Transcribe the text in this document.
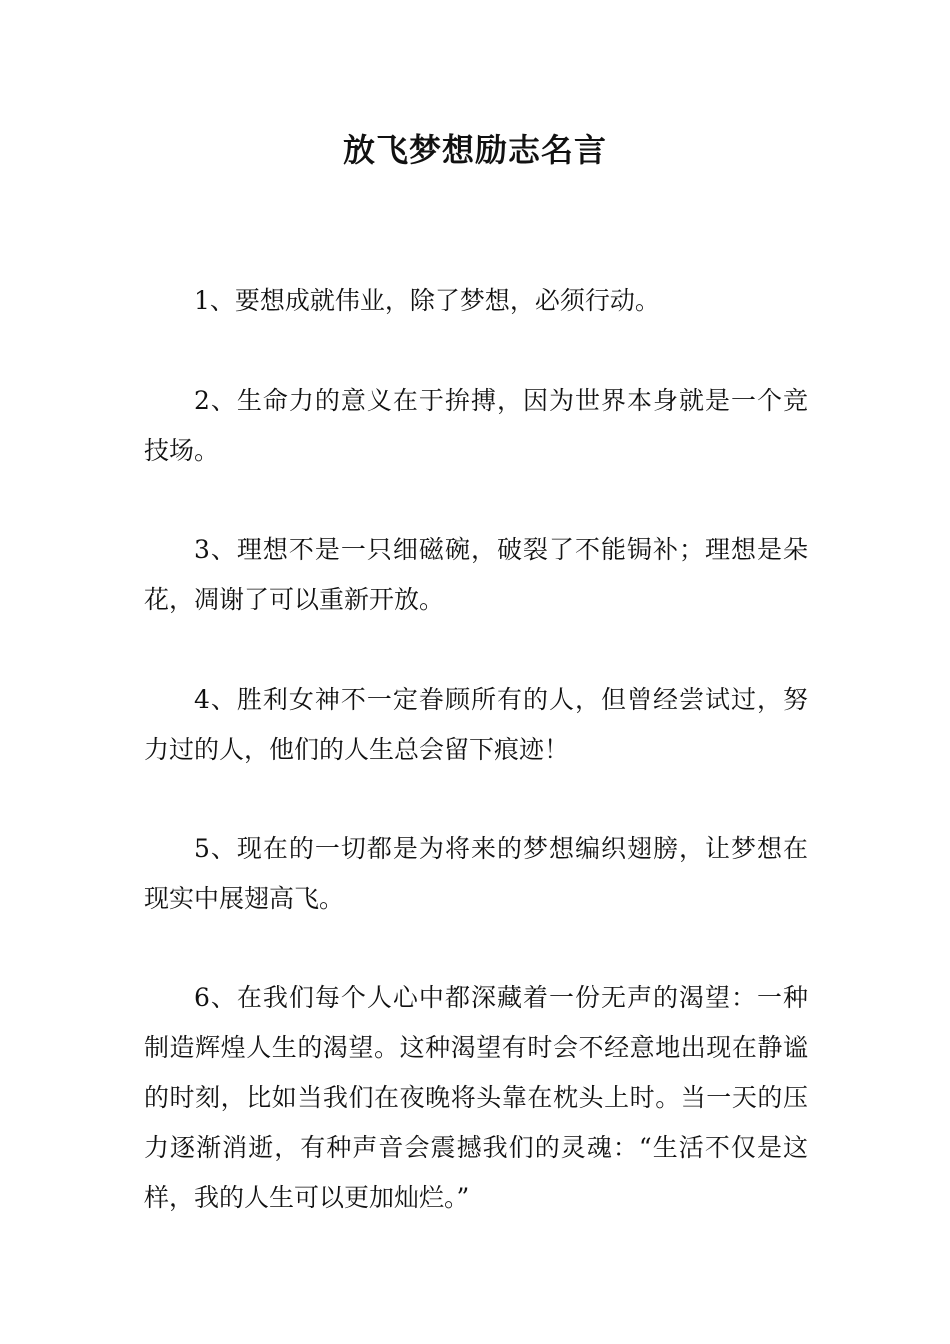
放飞梦想励志名言

1、要想成就伟业，除了梦想，必须行动。

2、生命力的意义在于拚搏，因为世界本身就是一个竞技场。

3、理想不是一只细磁碗，破裂了不能锔补；理想是朵花，凋谢了可以重新开放。

4、胜利女神不一定眷顾所有的人，但曾经尝试过，努力过的人，他们的人生总会留下痕迹！

5、现在的一切都是为将来的梦想编织翅膀，让梦想在现实中展翅高飞。

6、在我们每个人心中都深藏着一份无声的渴望：一种制造辉煌人生的渴望。这种渴望有时会不经意地出现在静谧的时刻，比如当我们在夜晚将头靠在枕头上时。当一天的压力逐渐消逝，有种声音会震撼我们的灵魂：“生活不仅是这样，我的人生可以更加灿烂。”
